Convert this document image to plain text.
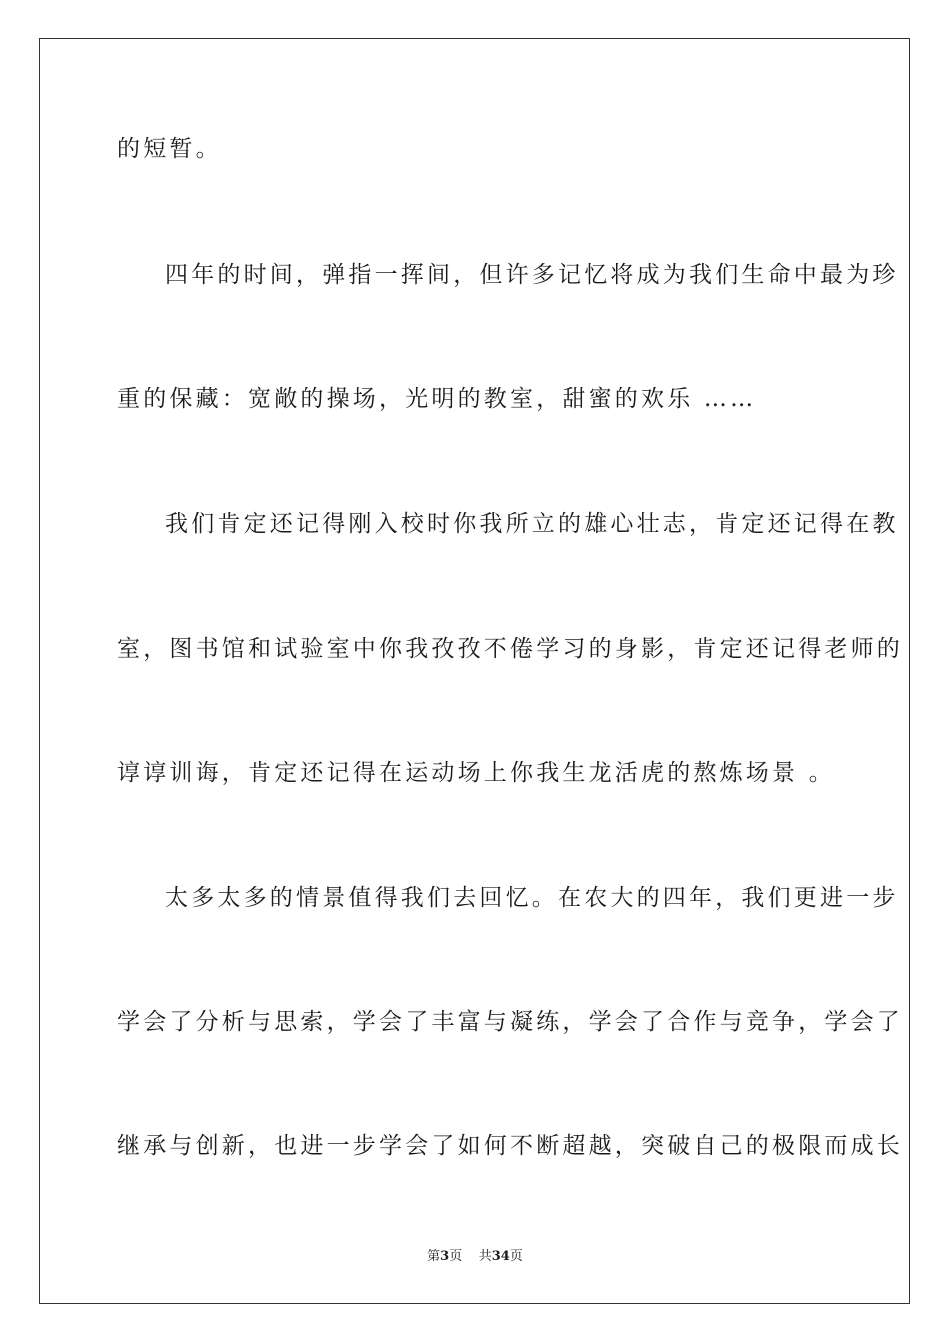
的短暂。
四年的时间，弹指一挥间，但许多记忆将成为我们生命中最为珍
重的保藏：宽敞的操场，光明的教室，甜蜜的欢乐 ……
我们肯定还记得刚入校时你我所立的雄心壮志，肯定还记得在教
室，图书馆和试验室中你我孜孜不倦学习的身影，肯定还记得老师的
谆谆训诲，肯定还记得在运动场上你我生龙活虎的熬炼场景 。
太多太多的情景值得我们去回忆。在农大的四年，我们更进一步
学会了分析与思索，学会了丰富与凝练，学会了合作与竞争，学会了
继承与创新，也进一步学会了如何不断超越，突破自己的极限而成长
第3页 共34页
